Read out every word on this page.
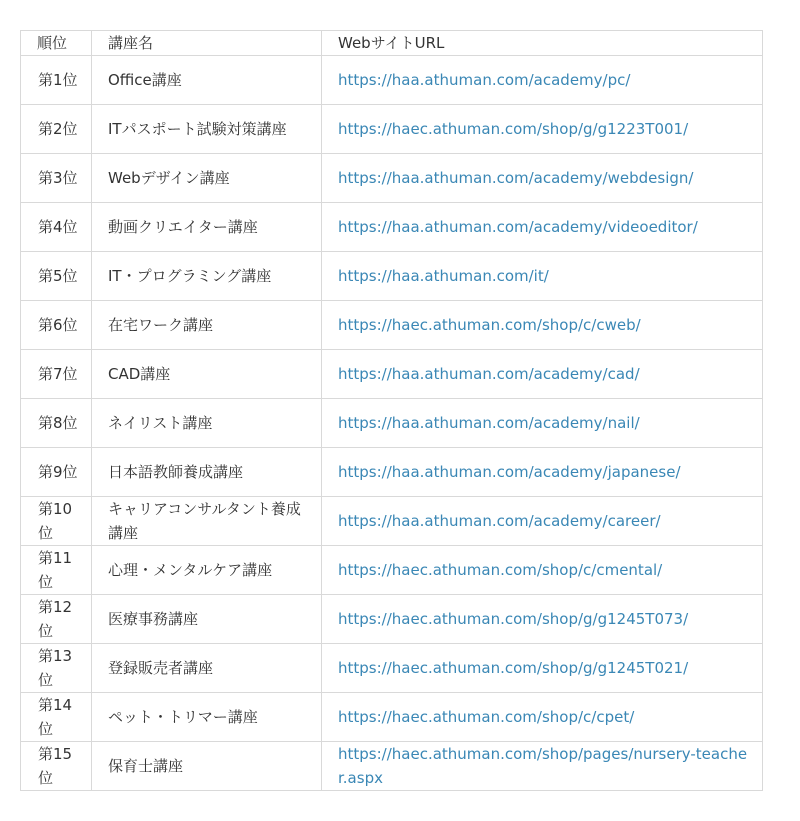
順位	講座名	WebサイトURL
第1位	Office講座	https://haa.athuman.com/academy/pc/
第2位	ITパスポート試験対策講座	https://haec.athuman.com/shop/g/g1223T001/
第3位	Webデザイン講座	https://haa.athuman.com/academy/webdesign/
第4位	動画クリエイター講座	https://haa.athuman.com/academy/videoeditor/
第5位	IT・プログラミング講座	https://haa.athuman.com/it/
第6位	在宅ワーク講座	https://haec.athuman.com/shop/c/cweb/
第7位	CAD講座	https://haa.athuman.com/academy/cad/
第8位	ネイリスト講座	https://haa.athuman.com/academy/nail/
第9位	日本語教師養成講座	https://haa.athuman.com/academy/japanese/
第10位	キャリアコンサルタント養成講座	https://haa.athuman.com/academy/career/
第11位	心理・メンタルケア講座	https://haec.athuman.com/shop/c/cmental/
第12位	医療事務講座	https://haec.athuman.com/shop/g/g1245T073/
第13位	登録販売者講座	https://haec.athuman.com/shop/g/g1245T021/
第14位	ペット・トリマー講座	https://haec.athuman.com/shop/c/cpet/
第15位	保育士講座	https://haec.athuman.com/shop/pages/nursery-teacher.aspx
